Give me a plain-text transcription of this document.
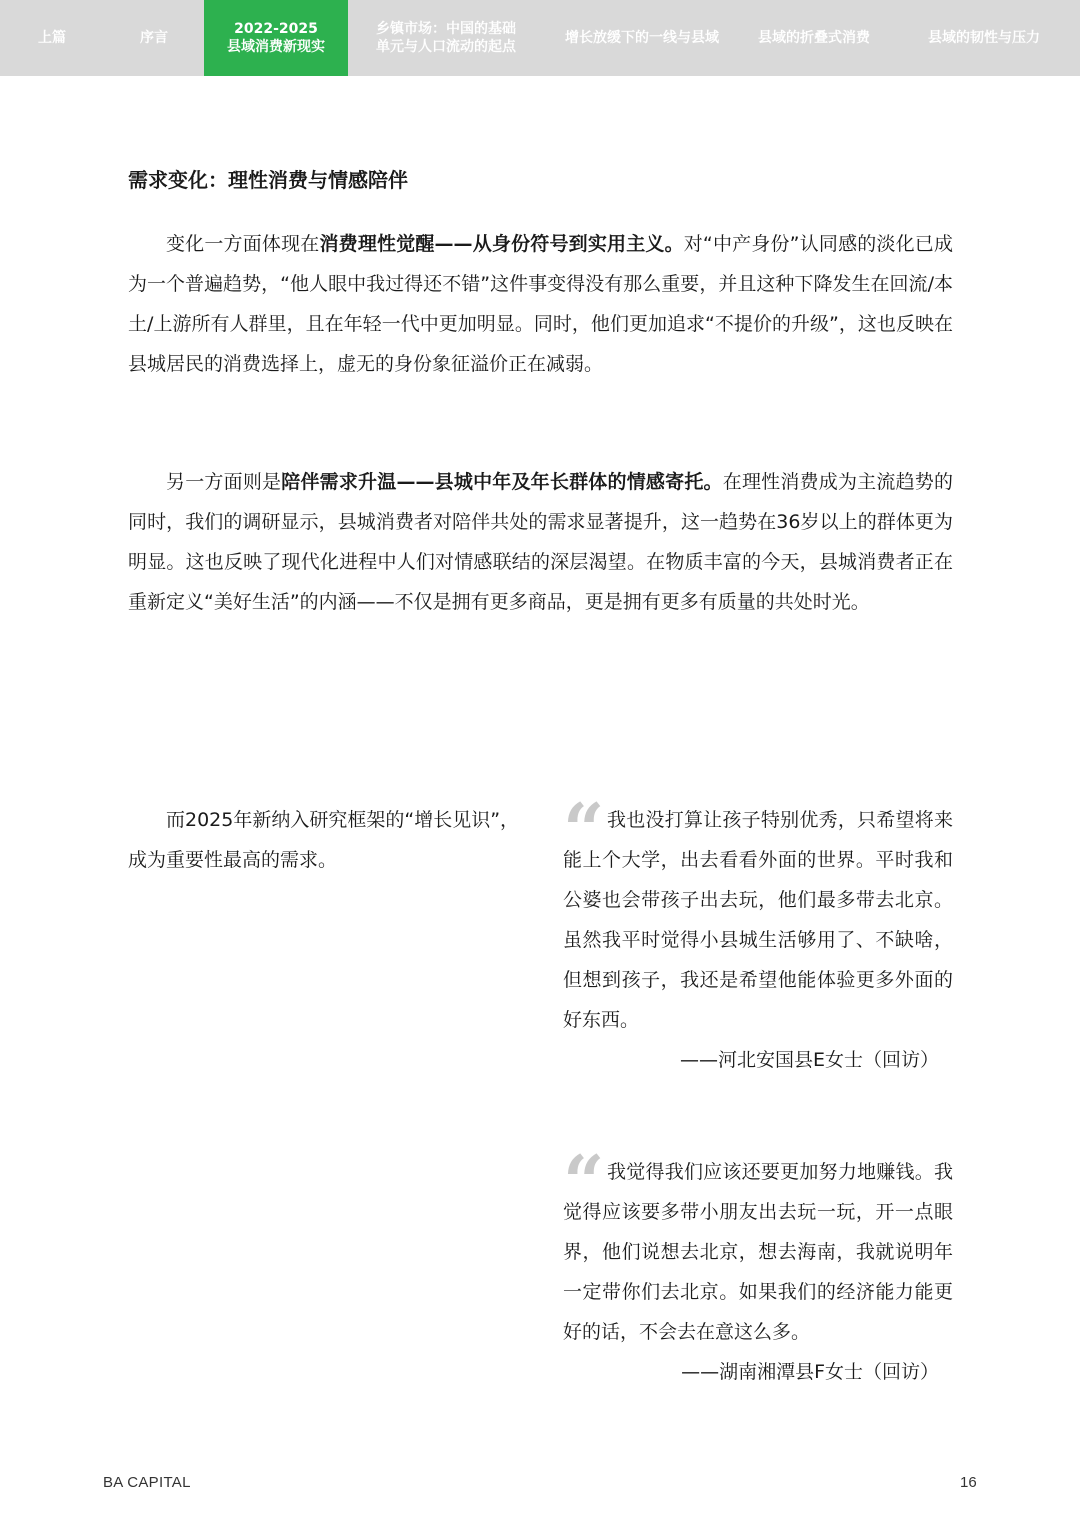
上篇	序言
2022-2025
县域消费新现实
乡镇市场：中国的基础
单元与人口流动的起点
增长放缓下的一线与县域	县域的折叠式消费	县域的韧性与压力
需求变化：理性消费与情感陪伴

变化一方面体现在消费理性觉醒——从身份符号到实用主义。对“中产身份”认同感的淡化已成为一个普遍趋势，“他人眼中我过得还不错”这件事变得没有那么重要，并且这种下降发生在回流/本土/上游所有人群里，且在年轻一代中更加明显。同时，他们更加追求“不提价的升级”，这也反映在县城居民的消费选择上，虚无的身份象征溢价正在减弱。

另一方面则是陪伴需求升温——县城中年及年长群体的情感寄托。在理性消费成为主流趋势的同时，我们的调研显示，县城消费者对陪伴共处的需求显著提升，这一趋势在36岁以上的群体更为明显。这也反映了现代化进程中人们对情感联结的深层渴望。在物质丰富的今天，县城消费者正在重新定义“美好生活”的内涵——不仅是拥有更多商品，更是拥有更多有质量的共处时光。

而2025年新纳入研究框架的“增长见识”，成为重要性最高的需求。	“ 我也没打算让孩子特别优秀，只希望将来能上个大学，出去看看外面的世界。平时我和公婆也会带孩子出去玩，他们最多带去北京。虽然我平时觉得小县城生活够用了、不缺啥，但想到孩子，我还是希望他能体验更多外面的好东西。

——河北安国县E女士（回访）

“ 我觉得我们应该还要更加努力地赚钱。我觉得应该要多带小朋友出去玩一玩，开一点眼界，他们说想去北京，想去海南，我就说明年一定带你们去北京。如果我们的经济能力能更好的话，不会去在意这么多。

——湖南湘潭县F女士（回访）

BA CAPITAL	16
